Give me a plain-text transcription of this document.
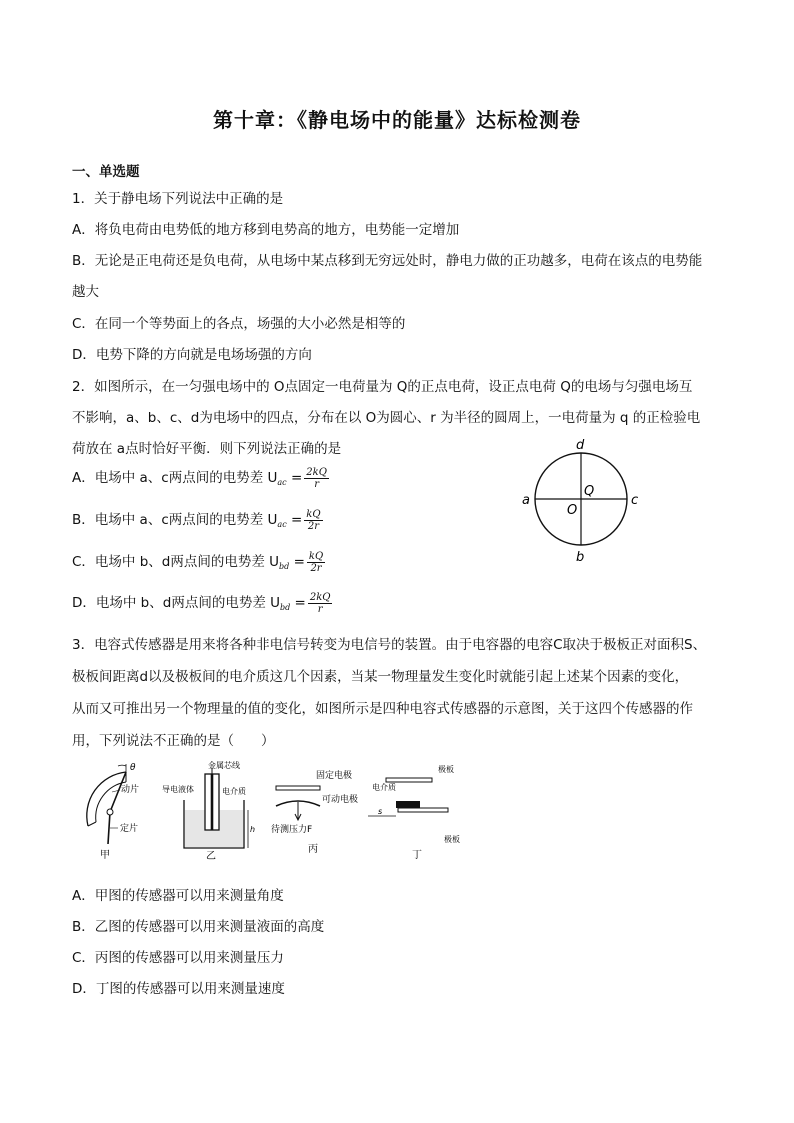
第十章：《静电场中的能量》达标检测卷
一、单选题
1．关于静电场下列说法中正确的是
A．将负电荷由电势低的地方移到电势高的地方，电势能一定增加
B．无论是正电荷还是负电荷，从电场中某点移到无穷远处时，静电力做的正功越多，电荷在该点的电势能
越大
C．在同一个等势面上的各点，场强的大小必然是相等的
D．电势下降的方向就是电场场强的方向
2．如图所示，在一匀强电场中的 O点固定一电荷量为 Q的正点电荷，设正点电荷 Q的电场与匀强电场互
不影响，a、b、c、d为电场中的四点，分布在以 O为圆心、r 为半径的圆周上，一电荷量为 q 的正检验电
荷放在 a点时恰好平衡．则下列说法正确的是
A．电场中 a、c两点间的电势差 $U_{ac} = \frac{2kQ}{r}$
B．电场中 a、c两点间的电势差 $U_{ac} = \frac{kQ}{2r}$
C．电场中 b、d两点间的电势差 $U_{bd} = \frac{kQ}{2r}$
D．电场中 b、d两点间的电势差 $U_{bd} = \frac{2kQ}{r}$
d
b
a	c
Q
O
3．电容式传感器是用来将各种非电信号转变为电信号的装置。由于电容器的电容C取决于极板正对面积S、
极板间距离d以及极板间的电介质这几个因素，当某一物理量发生变化时就能引起上述某个因素的变化，
从而又可推出另一个物理量的值的变化，如图所示是四种电容式传感器的示意图，关于这四个传感器的作
用，下列说法不正确的是（　　）
θ
动片
定片
甲
金属芯线
导电液体	电介质
h
乙
固定电极
可动电极
待测压力F
丙
极板
电介质
s
极板
丁
A．甲图的传感器可以用来测量角度
B．乙图的传感器可以用来测量液面的高度
C．丙图的传感器可以用来测量压力
D．丁图的传感器可以用来测量速度
